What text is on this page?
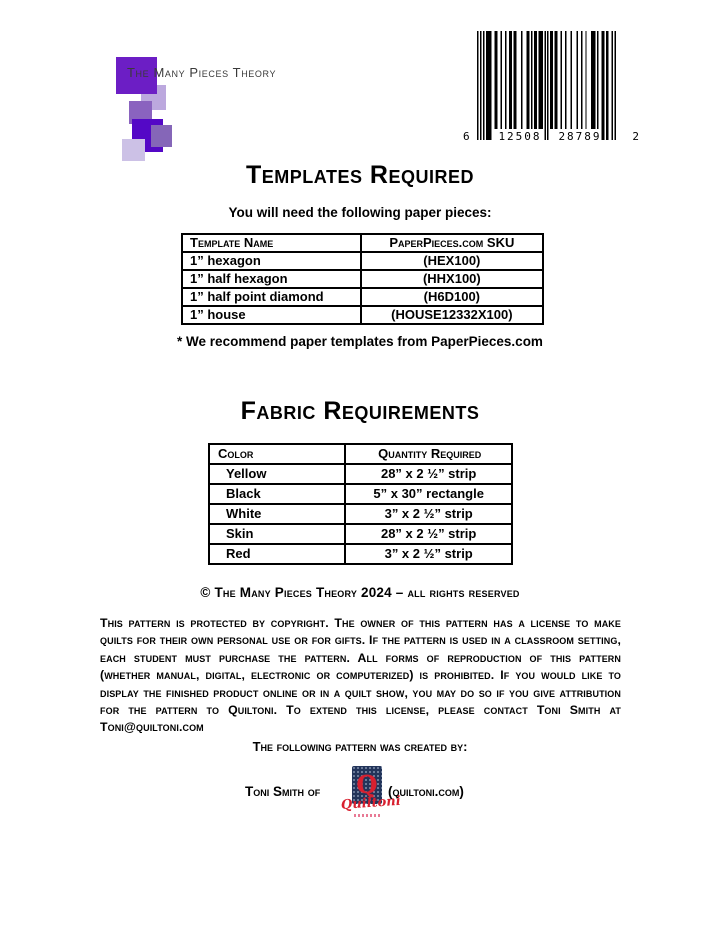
The Many Pieces Theory
6	12508	28789	2
Templates Required
You will need the following paper pieces:
Template Name	PaperPieces.com SKU
1” hexagon	(HEX100)
1” half hexagon	(HHX100)
1” half point diamond	(H6D100)
1” house	(HOUSE12332X100)
* We recommend paper templates from PaperPieces.com
Fabric Requirements
Color	Quantity Required
Yellow	28” x 2 ½” strip
Black	5” x 30” rectangle
White	3” x 2 ½” strip
Skin	28” x 2 ½” strip
Red	3” x 2 ½” strip
© The Many Pieces Theory 2024 – all rights reserved
This pattern is protected by copyright. The owner of this pattern has a license to make quilts for their own personal use or for gifts. If the pattern is used in a classroom setting, each student must purchase the pattern. All forms of reproduction of this pattern (whether manual, digital, electronic or computerized) is prohibited. If you would like to display the finished product online or in a quilt show, you may do so if you give attribution for the pattern to Quiltoni. To extend this license, please contact Toni Smith at Toni@quiltoni.com
The following pattern was created by:
Toni Smith of Q
Quiltoni
(quiltoni.com)
